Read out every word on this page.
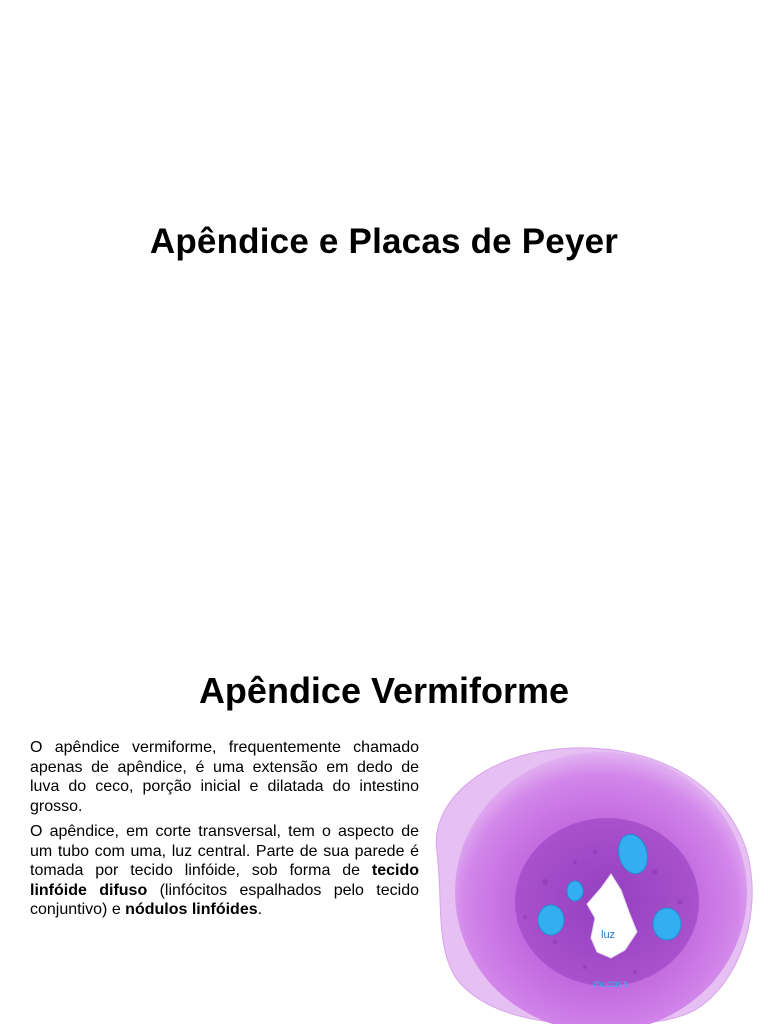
Apêndice e Placas de Peyer
Apêndice Vermiforme

O apêndice vermiforme, frequentemente chamado apenas de apêndice, é uma extensão em dedo de luva do ceco, porção inicial e dilatada do intestino grosso.

O apêndice, em corte transversal, tem o aspecto de um tubo com uma, luz central. Parte de sua parede é tomada por tecido linfóide, sob forma de tecido linfóide difuso (linfócitos espalhados pelo tecido conjuntivo) e nódulos linfóides.

luz
mucosa
